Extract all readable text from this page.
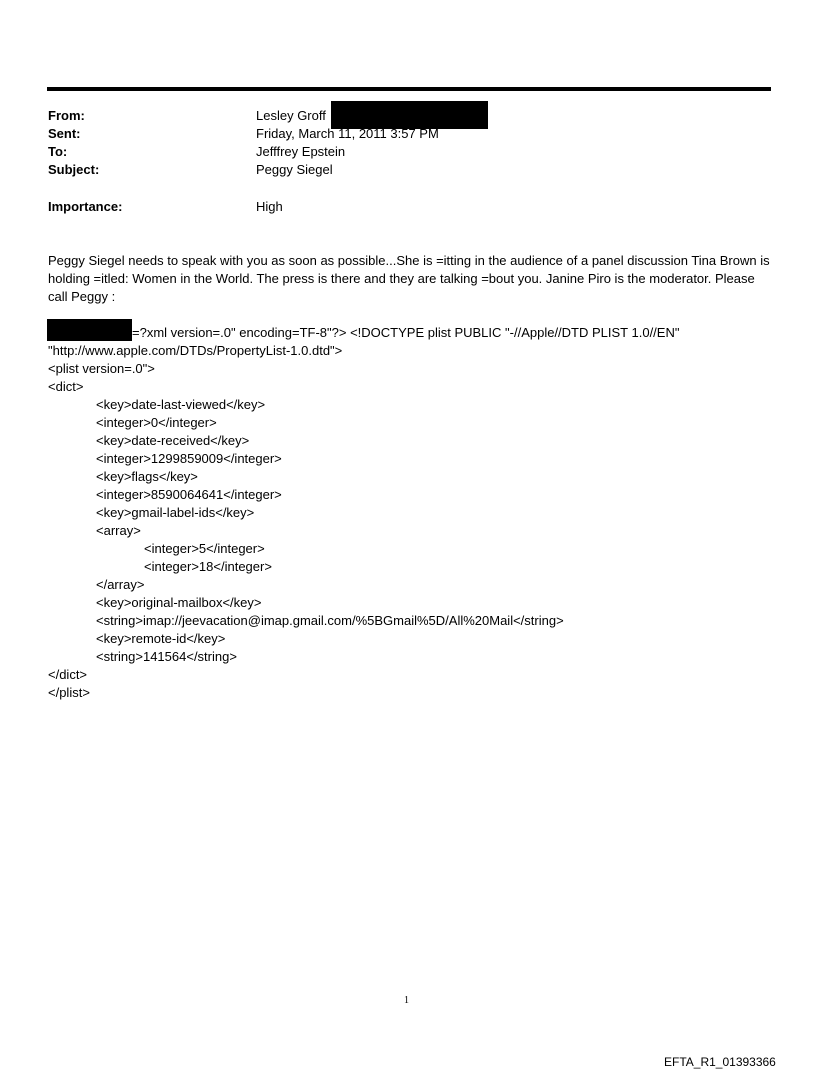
From:	Lesley Groff
Sent:	Friday, March 11, 2011 3:57 PM
To:	Jefffrey Epstein
Subject:	Peggy Siegel
Importance:	High
Peggy Siegel needs to speak with you as soon as possible...She is =itting in the audience of a panel discussion Tina Brown is holding =itled: Women in the World. The press is there and they are talking =bout you. Janine Piro is the moderator. Please call Peggy :
=?xml version=.0" encoding=TF-8"?> <!DOCTYPE plist PUBLIC "-//Apple//DTD PLIST 1.0//EN"
"http://www.apple.com/DTDs/PropertyList-1.0.dtd">
<plist version=.0">
<dict>
<key>date-last-viewed</key>
<integer>0</integer>
<key>date-received</key>
<integer>1299859009</integer>
<key>flags</key>
<integer>8590064641</integer>
<key>gmail-label-ids</key>
<array>
<integer>5</integer>
<integer>18</integer>
</array>
<key>original-mailbox</key>
<string>imap://jeevacation@imap.gmail.com/%5BGmail%5D/All%20Mail</string>
<key>remote-id</key>
<string>141564</string>
</dict>
</plist>
1
EFTA_R1_01393366
